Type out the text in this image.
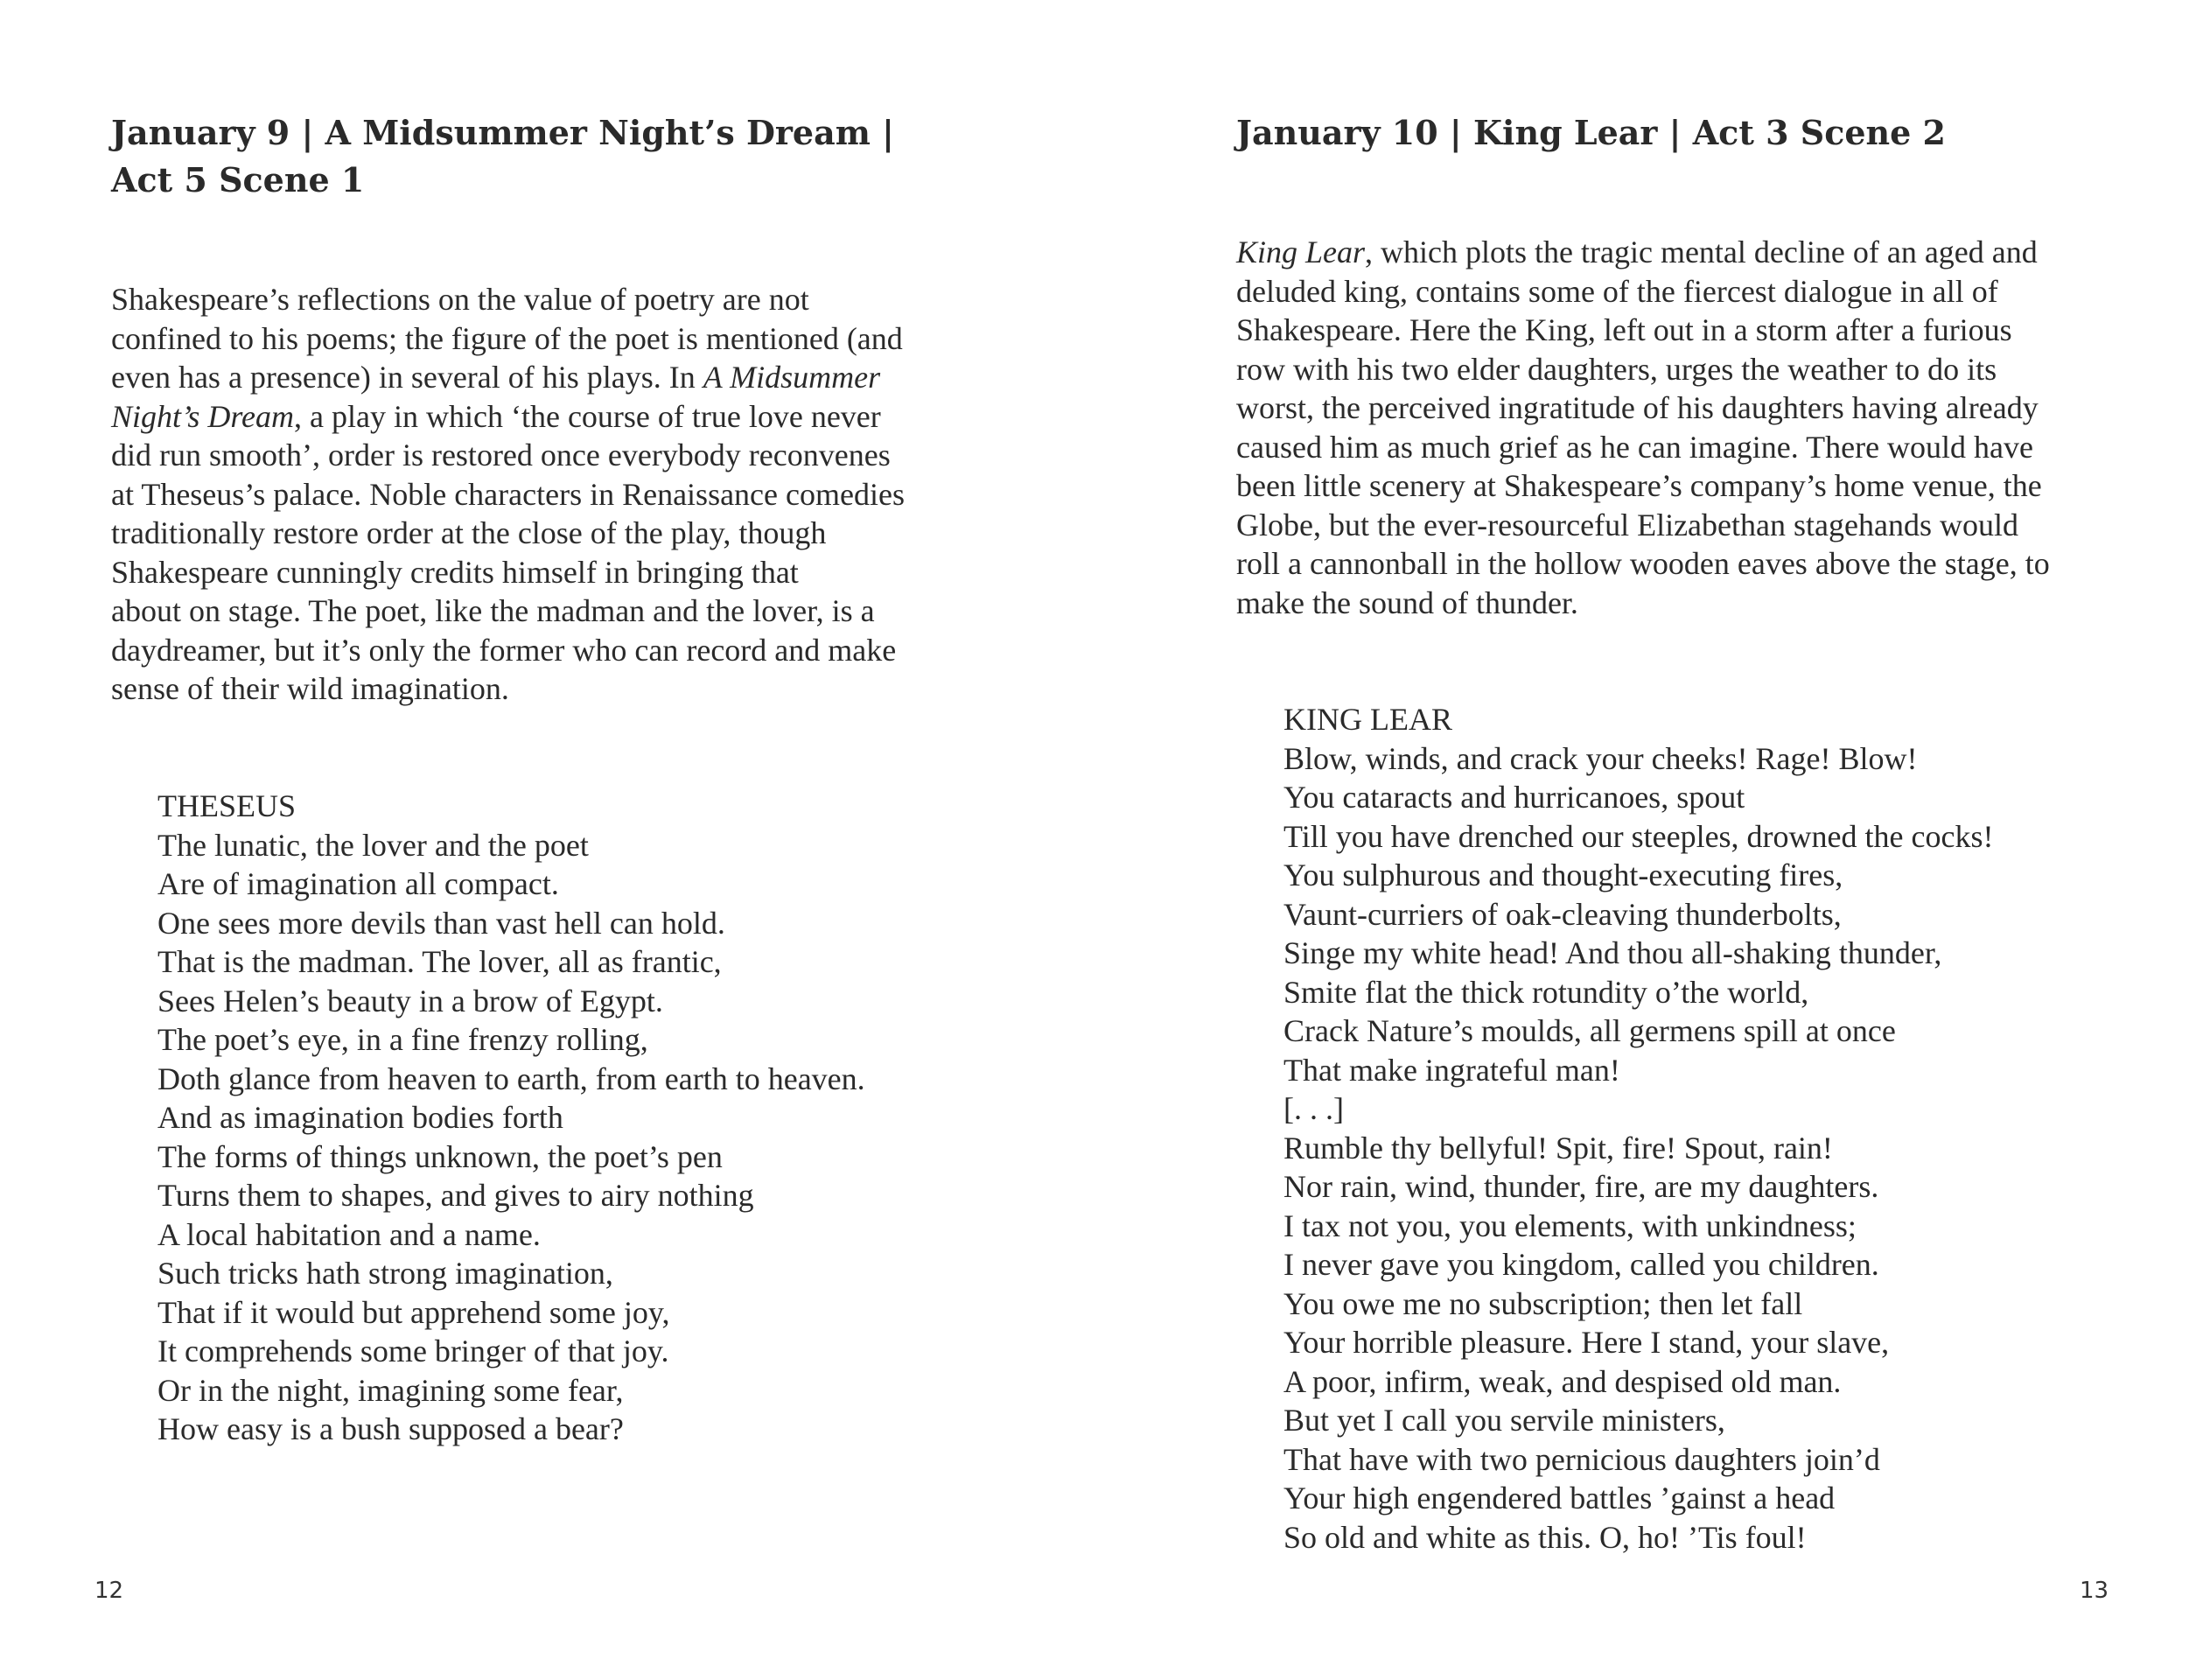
January 9 | A Midsummer Night’s Dream |
Act 5 Scene 1
Shakespeare’s reflections on the value of poetry are not
confined to his poems; the figure of the poet is mentioned (and
even has a presence) in several of his plays. In A Midsummer
Night’s Dream, a play in which ‘the course of true love never
did run smooth’, order is restored once everybody reconvenes
at Theseus’s palace. Noble characters in Renaissance comedies
traditionally restore order at the close of the play, though
Shakespeare cunningly credits himself in bringing that
about on stage. The poet, like the madman and the lover, is a
daydreamer, but it’s only the former who can record and make
sense of their wild imagination.
THESEUS
The lunatic, the lover and the poet
Are of imagination all compact.
One sees more devils than vast hell can hold.
That is the madman. The lover, all as frantic,
Sees Helen’s beauty in a brow of Egypt.
The poet’s eye, in a fine frenzy rolling,
Doth glance from heaven to earth, from earth to heaven.
And as imagination bodies forth
The forms of things unknown, the poet’s pen
Turns them to shapes, and gives to airy nothing
A local habitation and a name.
Such tricks hath strong imagination,
That if it would but apprehend some joy,
It comprehends some bringer of that joy.
Or in the night, imagining some fear,
How easy is a bush supposed a bear?
12
January 10 | King Lear | Act 3 Scene 2
King Lear, which plots the tragic mental decline of an aged and
deluded king, contains some of the fiercest dialogue in all of
Shakespeare. Here the King, left out in a storm after a furious
row with his two elder daughters, urges the weather to do its
worst, the perceived ingratitude of his daughters having already
caused him as much grief as he can imagine. There would have
been little scenery at Shakespeare’s company’s home venue, the
Globe, but the ever-resourceful Elizabethan stagehands would
roll a cannonball in the hollow wooden eaves above the stage, to
make the sound of thunder.
KING LEAR
Blow, winds, and crack your cheeks! Rage! Blow!
You cataracts and hurricanoes, spout
Till you have drenched our steeples, drowned the cocks!
You sulphurous and thought-executing fires,
Vaunt-curriers of oak-cleaving thunderbolts,
Singe my white head! And thou all-shaking thunder,
Smite flat the thick rotundity o’the world,
Crack Nature’s moulds, all germens spill at once
That make ingrateful man!
[. . .]
Rumble thy bellyful! Spit, fire! Spout, rain!
Nor rain, wind, thunder, fire, are my daughters.
I tax not you, you elements, with unkindness;
I never gave you kingdom, called you children.
You owe me no subscription; then let fall
Your horrible pleasure. Here I stand, your slave,
A poor, infirm, weak, and despised old man.
But yet I call you servile ministers,
That have with two pernicious daughters join’d
Your high engendered battles ’gainst a head
So old and white as this. O, ho! ’Tis foul!
13
